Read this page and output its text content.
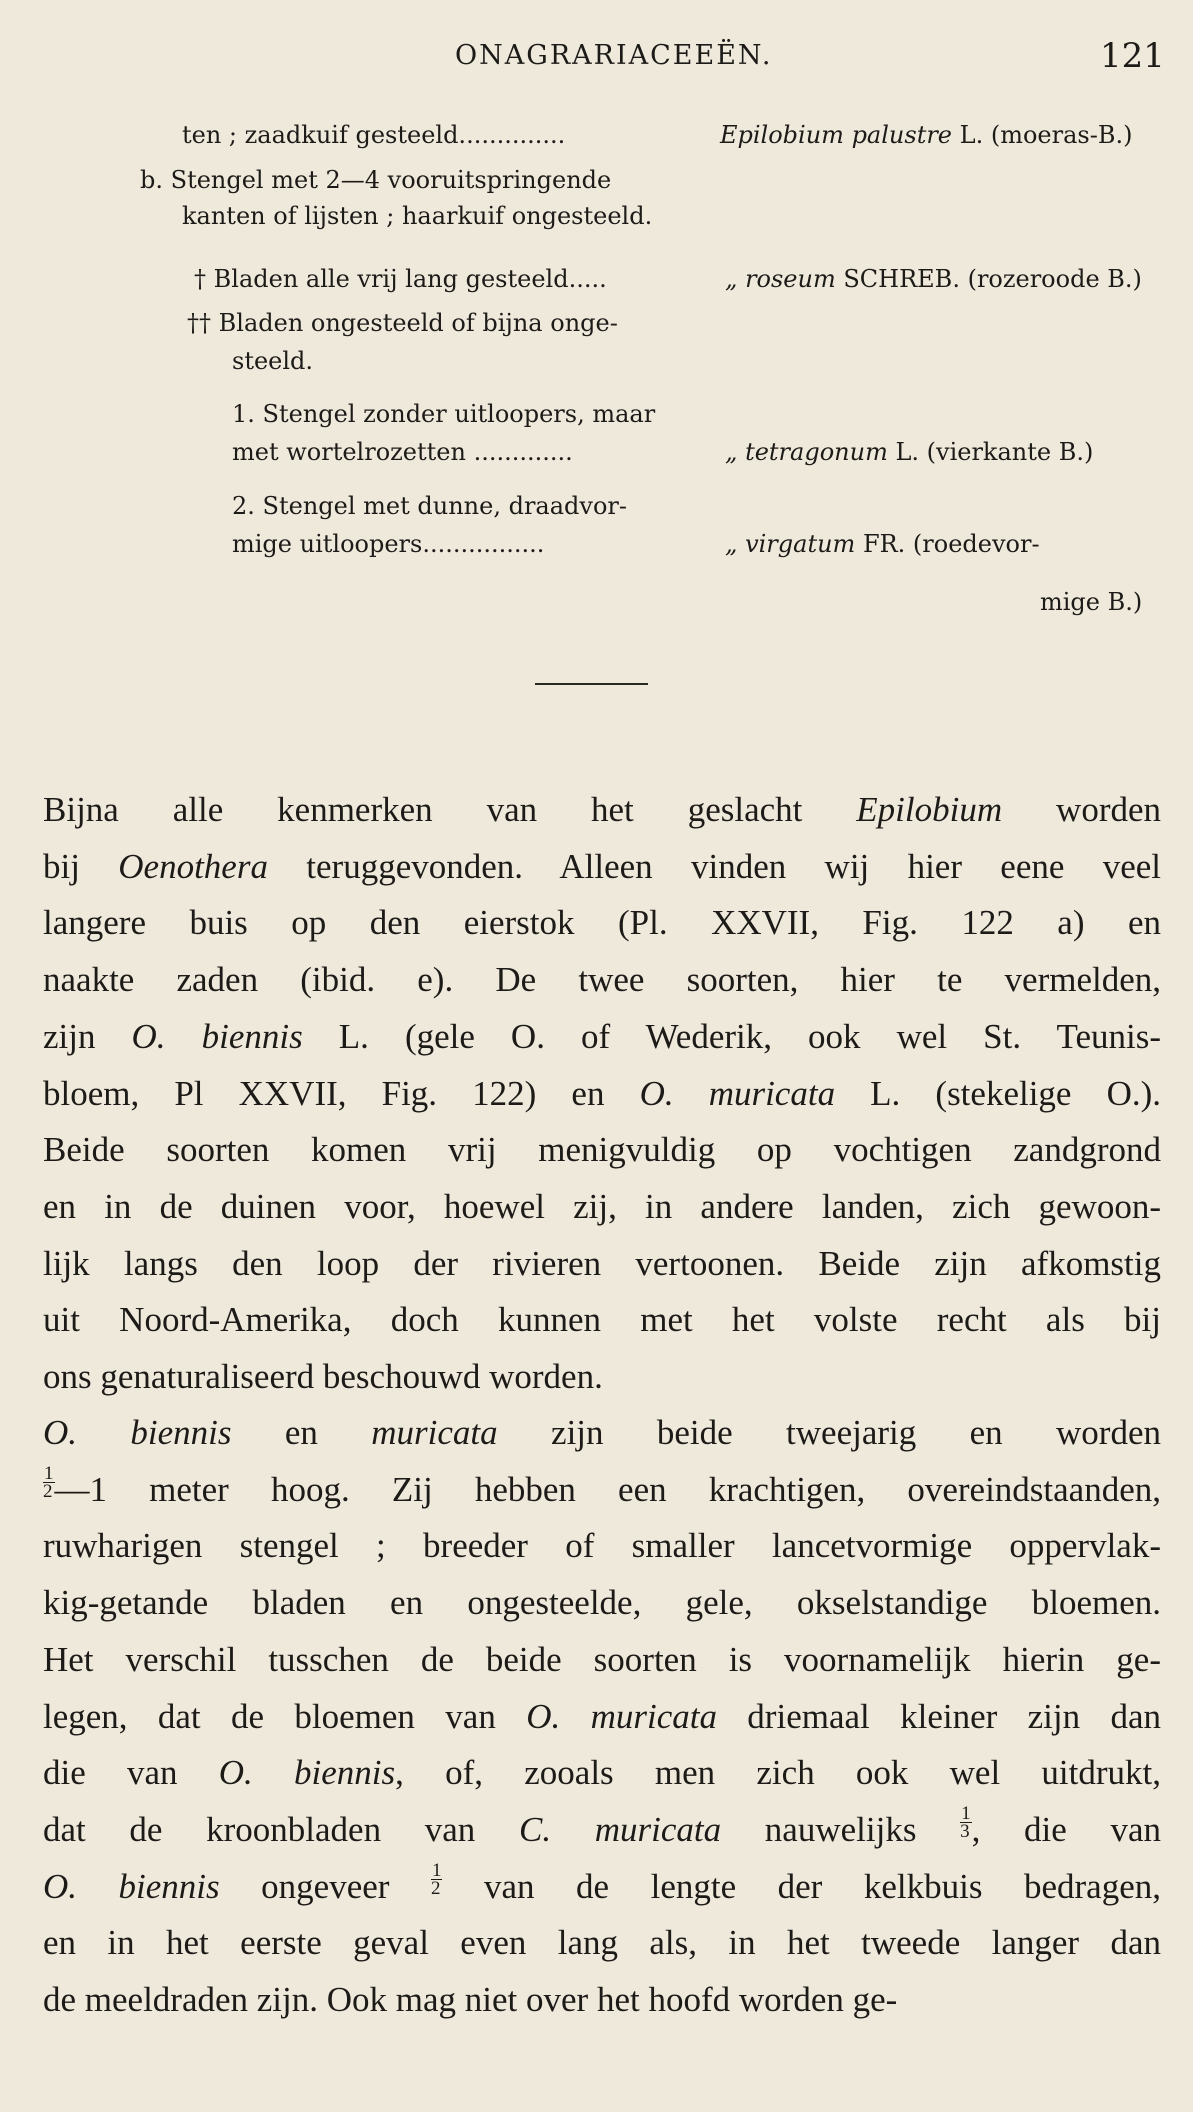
ONAGRARIACEEËN.	121
ten ; zaadkuif gesteeld..............	Epilobium palustre L. (moeras-B.)
b. Stengel met 2—4 vooruitspringende
kanten of lijsten ; haarkuif ongesteeld.
† Bladen alle vrij lang gesteeld.....	„ roseum SCHREB. (rozeroode B.)
†† Bladen ongesteeld of bijna onge-
steeld.
1. Stengel zonder uitloopers, maar
met wortelrozetten .............	„ tetragonum L. (vierkante B.)
2. Stengel met dunne, draadvor-
mige uitloopers................	„ virgatum FR. (roedevor-
mige B.)
Bijna alle kenmerken van het geslacht Epilobium worden
bij Oenothera teruggevonden. Alleen vinden wij hier eene veel
langere buis op den eierstok (Pl. XXVII, Fig. 122 a) en
naakte zaden (ibid. e). De twee soorten, hier te vermelden,
zijn O. biennis L. (gele O. of Wederik, ook wel St. Teunis-
bloem, Pl XXVII, Fig. 122) en O. muricata L. (stekelige O.).
Beide soorten komen vrij menigvuldig op vochtigen zandgrond
en in de duinen voor, hoewel zij, in andere landen, zich gewoon-
lijk langs den loop der rivieren vertoonen. Beide zijn afkomstig
uit Noord-Amerika, doch kunnen met het volste recht als bij
ons genaturaliseerd beschouwd worden.
O. biennis en muricata zijn beide tweejarig en worden
$\frac{1}{2}$ —1 meter hoog. Zij hebben een krachtigen, overeindstaanden,
ruwharigen stengel ; breeder of smaller lancetvormige oppervlak-
kig-getande bladen en ongesteelde, gele, okselstandige bloemen.
Het verschil tusschen de beide soorten is voornamelijk hierin ge-
legen, dat de bloemen van O. muricata driemaal kleiner zijn dan
die van O. biennis, of, zooals men zich ook wel uitdrukt,
dat de kroonbladen van C. muricata nauwelijks $\frac{1}{3}$ , die van
O. biennis ongeveer $\frac{1}{2}$ van de lengte der kelkbuis bedragen,
en in het eerste geval even lang als, in het tweede langer dan
de meeldraden zijn. Ook mag niet over het hoofd worden ge-
